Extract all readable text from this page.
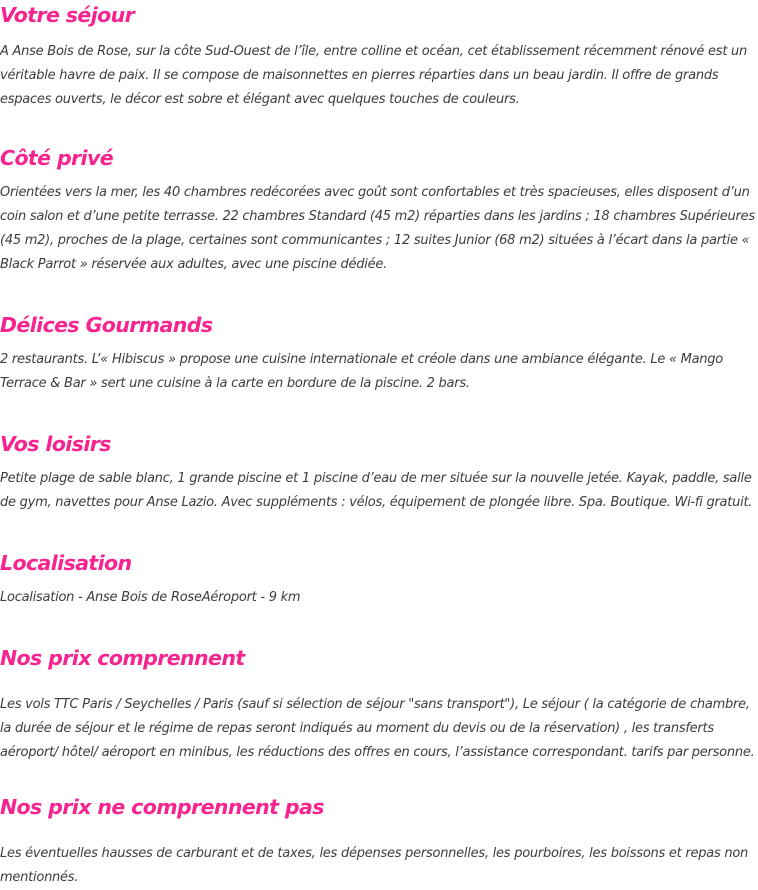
Votre séjour

A Anse Bois de Rose, sur la côte Sud-Ouest de l’île, entre colline et océan, cet établissement récemment rénové est un véritable havre de paix. Il se compose de maisonnettes en pierres réparties dans un beau jardin. Il offre de grands espaces ouverts, le décor est sobre et élégant avec quelques touches de couleurs.

Côté privé

Orientées vers la mer, les 40 chambres redécorées avec goût sont confortables et très spacieuses, elles disposent d’un coin salon et d’une petite terrasse. 22 chambres Standard (45 m2) réparties dans les jardins ; 18 chambres Supérieures (45 m2), proches de la plage, certaines sont communicantes ; 12 suites Junior (68 m2) situées à l’écart dans la partie « Black Parrot » réservée aux adultes, avec une piscine dédiée.

Délices Gourmands

2 restaurants. L’« Hibiscus » propose une cuisine internationale et créole dans une ambiance élégante. Le « Mango Terrace & Bar » sert une cuisine à la carte en bordure de la piscine. 2 bars.

Vos loisirs

Petite plage de sable blanc, 1 grande piscine et 1 piscine d’eau de mer située sur la nouvelle jetée. Kayak, paddle, salle de gym, navettes pour Anse Lazio. Avec suppléments : vélos, équipement de plongée libre. Spa. Boutique. Wi-fi gratuit.

Localisation

Localisation - Anse Bois de RoseAéroport - 9 km

Nos prix comprennent

Les vols TTC Paris / Seychelles / Paris (sauf si sélection de séjour "sans transport"), Le séjour ( la catégorie de chambre, la durée de séjour et le régime de repas seront indiqués au moment du devis ou de la réservation) , les transferts aéroport/ hôtel/ aéroport en minibus, les réductions des offres en cours, l’assistance correspondant. tarifs par personne.

Nos prix ne comprennent pas

Les éventuelles hausses de carburant et de taxes, les dépenses personnelles, les pourboires, les boissons et repas non mentionnés.
